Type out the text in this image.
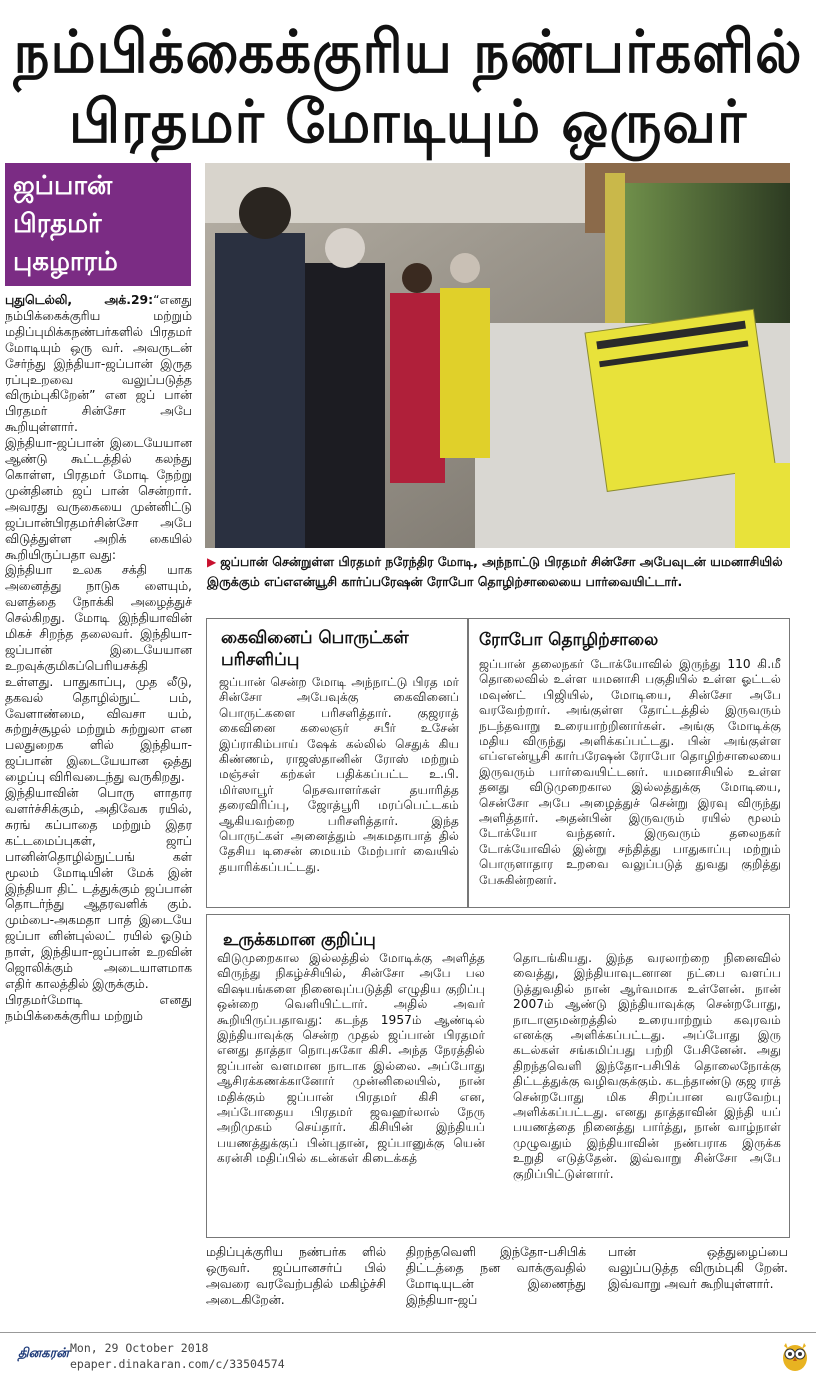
நம்பிக்கைக்குரிய நண்பர்களில்
பிரதமர் மோடியும் ஒருவர்
ஜப்பான்
பிரதமர்
புகழாரம்
▶ ஜப்பான் சென்றுள்ள பிரதமர் நரேந்திர மோடி, அந்நாட்டு பிரதமர் சின்சோ அபேவுடன் யமனாசியில் இருக்கும் எப்எஎன்யூசி கார்ப்பரேஷன் ரோபோ தொழிற்சாலையை பார்வையிட்டார்.

புதுடெல்லி, அக்.29:“எனது நம்பிக்கைக்குரிய மற்றும் மதிப்புமிக்கநண்பர்களில் பிரதமர் மோடியும் ஒரு வர். அவருடன் சேர்ந்து இந்தியா-ஜப்பான் இருத ரப்புஉறவை வலுப்படுத்த விரும்புகிறேன்” என ஜப் பான் பிரதமர் சின்சோ அபே கூறியுள்ளார்.

இந்தியா-ஜப்பான் இடையேயான ஆண்டு கூட்டத்தில் கலந்து கொள்ள, பிரதமர் மோடி நேற்று முன்தினம் ஜப் பான் சென்றார். அவரது வருகையை முன்னிட்டு ஜப்பான்பிரதமர்சின்சோ அபே விடுத்துள்ள அறிக் கையில் கூறியிருப்பதா வது:

இந்தியா உலக சக்தி யாக அனைத்து நாடுக ளையும், வளத்தை நோக்கி அழைத்துச் செல்கிறது. மோடி இந்தியாவின் மிகச் சிறந்த தலைவர். இந்தியா-ஜப்பான் இடையேயான உறவுக்குமிகப்பெரியசக்தி உள்ளது. பாதுகாப்பு, முத லீடு, தகவல் தொழில்நுட் பம், வேளாண்மை, விவசா யம், சுற்றுச்சூழல் மற்றும் சுற்றுலா என பலதுறைக ளில் இந்தியா-ஜப்பான் இடையேயான ஒத்து ழைப்பு விரிவடைந்து வருகிறது.

இந்தியாவின் பொரு ளாதார வளர்ச்சிக்கும், அதிவேக ரயில், சுரங் கப்பாதை மற்றும் இதர கட்டமைப்புகள், ஜாப் பானின்தொழில்நுட்பங் கள் மூலம் மோடியின் மேக் இன் இந்தியா திட் டத்துக்கும் ஜப்பான் தொடர்ந்து ஆதரவளிக் கும். மும்பை-அகமதா பாத் இடையே ஜப்பா னின்புல்லட் ரயில் ஓடும் நாள், இந்தியா-ஜப்பான் உறவின் ஜொலிக்கும் அடையாளமாக எதிர் காலத்தில் இருக்கும்.

பிரதமர்மோடி எனது நம்பிக்கைக்குரிய மற்றும்

கைவினைப் பொருட்கள் பரிசளிப்பு
ஜப்பான் சென்ற மோடி அந்நாட்டு பிரத மர் சின்சோ அபேவுக்கு கைவினைப் பொருட்களை பரிசளித்தார். குஜராத் கைவினை கலைஞர் சபீர் உசேன் இப்ராகிம்பாய் ஷேக் கல்லில் செதுக் கிய கிண்ணம், ராஜஸ்தானின் ரோஸ் மற்றும் மஞ்சள் கற்கள் பதிக்கப்பட்ட உ.பி. மிர்ஸாபூர் நெசவாளர்கள் தயாரித்த தரைவிரிப்பு, ஜோத்பூரி மரப்பெட்டகம் ஆகியவற்றை பரிசளித்தார். இந்த பொருட்கள் அனைத்தும் அகமதாபாத் தில் தேசிய டிசைன் மையம் மேற்பார் வையில் தயாரிக்கப்பட்டது.
ரோபோ தொழிற்சாலை
ஜப்பான் தலைநகர் டோக்யோவில் இருந்து 110 கி.மீ தொலைவில் உள்ள யமனாசி பகுதியில் உள்ள ஓட்டல் மவுண்ட் பிஜியில், மோடியை, சின்சோ அபே வரவேற்றார். அங்குள்ள தோட்டத்தில் இருவரும் நடந்தவாறு உரையாற்றினார்கள். அங்கு மோடிக்கு மதிய விருந்து அளிக்கப்பட்டது. பின் அங்குள்ள எப்எஎன்யூசி கார்பரேஷன் ரோபோ தொழிற்சாலையை இருவரும் பார்வையிட்டனர். யமனாசியில் உள்ள தனது விடுமுறைகால இல்லத்துக்கு மோடியை, சென்சோ அபே அழைத்துச் சென்று இரவு விருந்து அளித்தார். அதன்பின் இருவரும் ரயில் மூலம் டோக்யோ வந்தனர். இருவரும் தலைநகர் டோக்யோவில் இன்று சந்தித்து பாதுகாப்பு மற்றும் பொருளாதார உறவை வலுப்படுத் துவது குறித்து பேசுகின்றனர்.
உருக்கமான குறிப்பு
விடுமுறைகால இல்லத்தில் மோடிக்கு அளித்த விருந்து நிகழ்ச்சியில், சின்சோ அபே பல விஷயங்களை நினைவுப்படுத்தி எழுதிய குறிப்பு ஒன்றை வெளியிட்டார். அதில் அவர் கூறியிருப்பதாவது: கடந்த 1957ம் ஆண்டில் இந்தியாவுக்கு சென்ற முதல் ஜப்பான் பிரதமர் எனது தாத்தா நொபுசுகோ கிசி. அந்த நேரத்தில் ஜப்பான் வளமான நாடாக இல்லை. அப்போது ஆசிரக்கணக்கானோர் முன்னிலையில், நான் மதிக்கும் ஜப்பான் பிரதமர் கிசி என, அப்போதைய பிரதமர் ஜவஹர்லால் நேரு அறிமுகம் செய்தார். கிசியின் இந்தியப் பயணத்துக்குப் பின்புதான், ஜப்பானுக்கு யென் கரன்சி மதிப்பில் கடன்கள் கிடைக்கத்
தொடங்கியது. இந்த வரலாற்றை நினைவில் வைத்து, இந்தியாவுடனான நட்பை வளப்ப டுத்துவதில் நான் ஆர்வமாக உள்ளேன். நான் 2007ம் ஆண்டு இந்தியாவுக்கு சென்றபோது, நாடாளுமன்றத்தில் உரையாற்றும் கவுரவம் எனக்கு அளிக்கப்பட்டது. அப்போது இரு கடல்கள் சங்கமிப்பது பற்றி பேசினேன். அது திறந்தவெளி இந்தோ-பசிபிக் தொலைநோக்கு திட்டத்துக்கு வழிவகுக்கும். கடந்தாண்டு குஜ ராத் சென்றபோது மிக சிறப்பான வரவேற்பு அளிக்கப்பட்டது. எனது தாத்தாவின் இந்தி யப் பயணத்தை நினைத்து பார்த்து, நான் வாழ்நாள் முழுவதும் இந்தியாவின் நண்பராக இருக்க உறுதி எடுத்தேன். இவ்வாறு சின்சோ அபே குறிப்பிட்டுள்ளார்.
மதிப்புக்குரிய நண்பர்க ளில் ஒருவர். ஜப்பானசர்ப் பில் அவரை வரவேற்பதில் மகிழ்ச்சி அடைகிறேன்.
திறந்தவெளி இந்தோ-பசிபிக் திட்டத்தை நன வாக்குவதில் மோடியுடன் இணைந்து இந்தியா-ஜப்
பான் ஒத்துழைப்பை வலுப்படுத்த விரும்புகி றேன். இவ்வாறு அவர் கூறியுள்ளார்.
தினகரன் Mon, 29 October 2018
epaper.dinakaran.com/c/33504574
